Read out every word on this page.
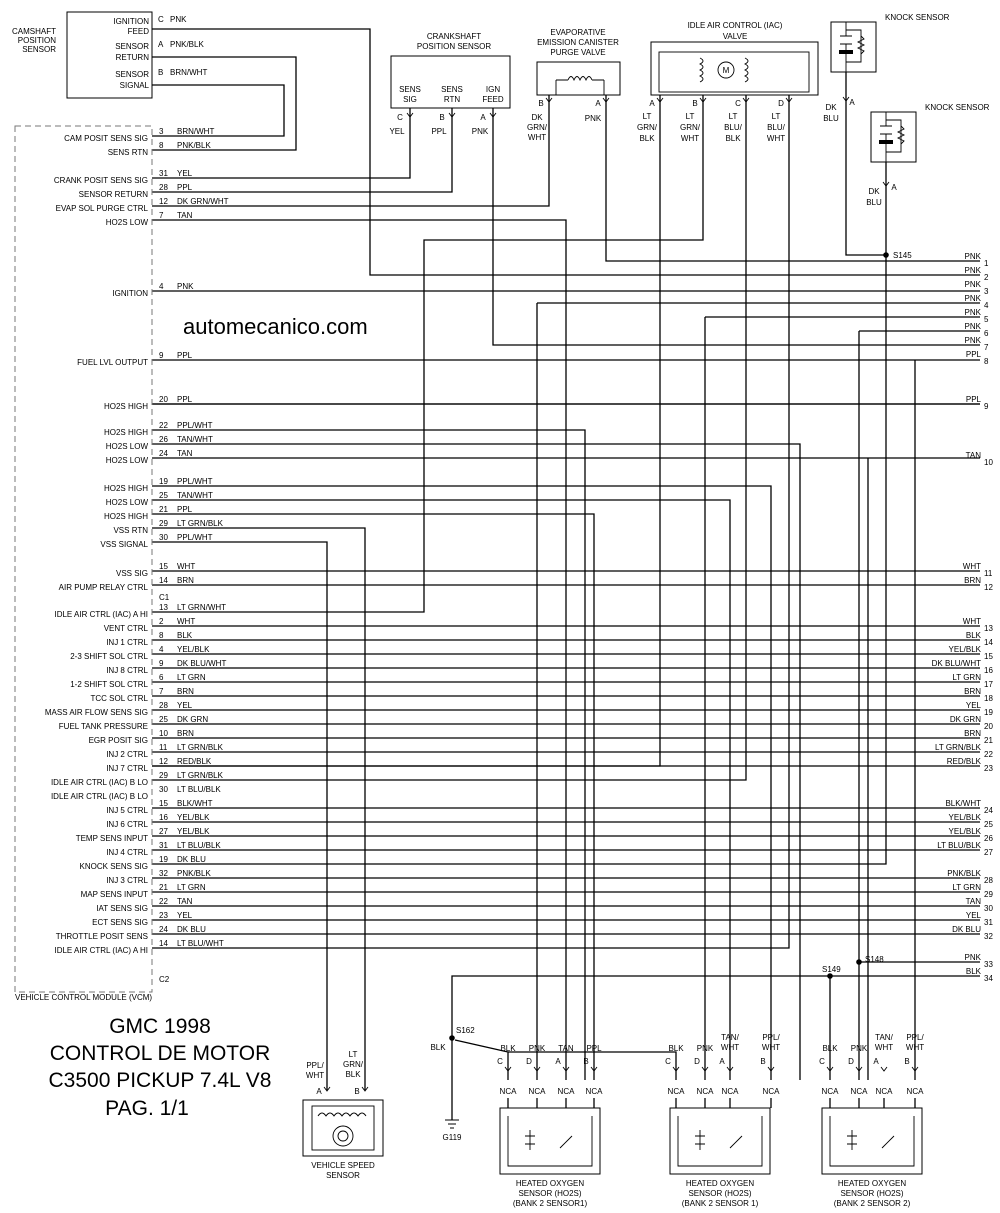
VEHICLE CONTROL MODULE (VCM)
C1
C2
CAM POSIT SENS SIG
3 BRN/WHT
SENS RTN
8 PNK/BLK
CRANK POSIT SENS SIG
31 YEL
SENSOR RETURN
28 PPL
EVAP SOL PURGE CTRL
12 DK GRN/WHT
HO2S LOW
7 TAN
IGNITION
4 PNK
FUEL LVL OUTPUT
9 PPL
HO2S HIGH
20 PPL
HO2S HIGH
22 PPL/WHT
HO2S LOW
26 TAN/WHT
HO2S LOW
24 TAN
HO2S HIGH
19 PPL/WHT
HO2S LOW
25 TAN/WHT
HO2S HIGH
21 PPL
VSS RTN
29 LT GRN/BLK
VSS SIGNAL
30 PPL/WHT
VSS SIG
15 WHT
AIR PUMP RELAY CTRL
14 BRN
IDLE AIR CTRL (IAC) A HI
13 LT GRN/WHT
VENT CTRL
2 WHT
INJ 1 CTRL
8 BLK
2-3 SHIFT SOL CTRL
4 YEL/BLK
INJ 8 CTRL
9 DK BLU/WHT
1-2 SHIFT SOL CTRL
6 LT GRN
TCC SOL CTRL
7 BRN
MASS AIR FLOW SENS SIG
28 YEL
FUEL TANK PRESSURE
25 DK GRN
EGR POSIT SIG
10 BRN
INJ 2 CTRL
11 LT GRN/BLK
INJ 7 CTRL
12 RED/BLK
IDLE AIR CTRL (IAC) B LO
29 LT GRN/BLK
IDLE AIR CTRL (IAC) B LO
30 LT BLU/BLK
INJ 5 CTRL
15 BLK/WHT
INJ 6 CTRL
16 YEL/BLK
TEMP SENS INPUT
27 YEL/BLK
INJ 4 CTRL
31 LT BLU/BLK
KNOCK SENS SIG
19 DK BLU
INJ 3 CTRL
32 PNK/BLK
MAP SENS INPUT
21 LT GRN
IAT SENS SIG
22 TAN
ECT SENS SIG
23 YEL
THROTTLE POSIT SENS
24 DK BLU
IDLE AIR CTRL (IAC) A HI
14 LT BLU/WHT
1
PNK
2
PNK
3
PNK
4
PNK
5
PNK
6
PNK
7
PNK
8
PPL
9
PPL
10
TAN
11
WHT
12
BRN
13
WHT
14
BLK
15
YEL/BLK
16
DK BLU/WHT
17
LT GRN
18
BRN
19
YEL
20
DK GRN
21
BRN
22
LT GRN/BLK
23
RED/BLK
24
BLK/WHT
25
YEL/BLK
26
YEL/BLK
27
LT BLU/BLK
28
PNK/BLK
29
LT GRN
30
TAN
31
YEL
32
DK BLU
33
PNK
34
BLK
CAMSHAFT
POSITION
SENSOR
IGNITION
FEED
C PNK
SENSOR
RETURN
A PNK/BLK
SENSOR
SIGNAL
B BRN/WHT
CRANKSHAFT
POSITION SENSOR
SENS
SIG
C
YEL
SENS
RTN
B
PPL
IGN
FEED
A
PNK
EVAPORATIVE
EMISSION CANISTER
PURGE VALVE
B	A
DK
GRN/
WHT
PNK
IDLE AIR CONTROL (IAC)
VALVE
M
A
LT
GRN/
BLK
B
LT
GRN/
WHT
C
LT
BLU/
BLK
D
LT
BLU/
WHT
KNOCK SENSOR
KNOCK SENSOR
A
DK
BLU
A
DK
BLU
S145
S148
S149
S162
BLK
G119
HEATED OXYGEN
SENSOR (HO2S)
(BANK 2 SENSOR1)
BLK
C
NCA
PNK
D
NCA
TAN
A
NCA
PPL
B
NCA
HEATED OXYGEN
SENSOR (HO2S)
(BANK 2 SENSOR 1)
BLK
C
NCA
PNK
D
NCA
TAN/
WHT
A
NCA
PPL/
WHT
B
NCA
HEATED OXYGEN
SENSOR (HO2S)
(BANK 2 SENSOR 2)
BLK
C
NCA
PNK
D
NCA
TAN/
WHT
A
NCA
PPL/
WHT
B
NCA
VEHICLE SPEED
SENSOR
A
PPL/
WHT
B
LT
GRN/
BLK
GMC 1998
CONTROL DE MOTOR
C3500 PICKUP 7.4L V8
PAG. 1/1
automecanico.com
